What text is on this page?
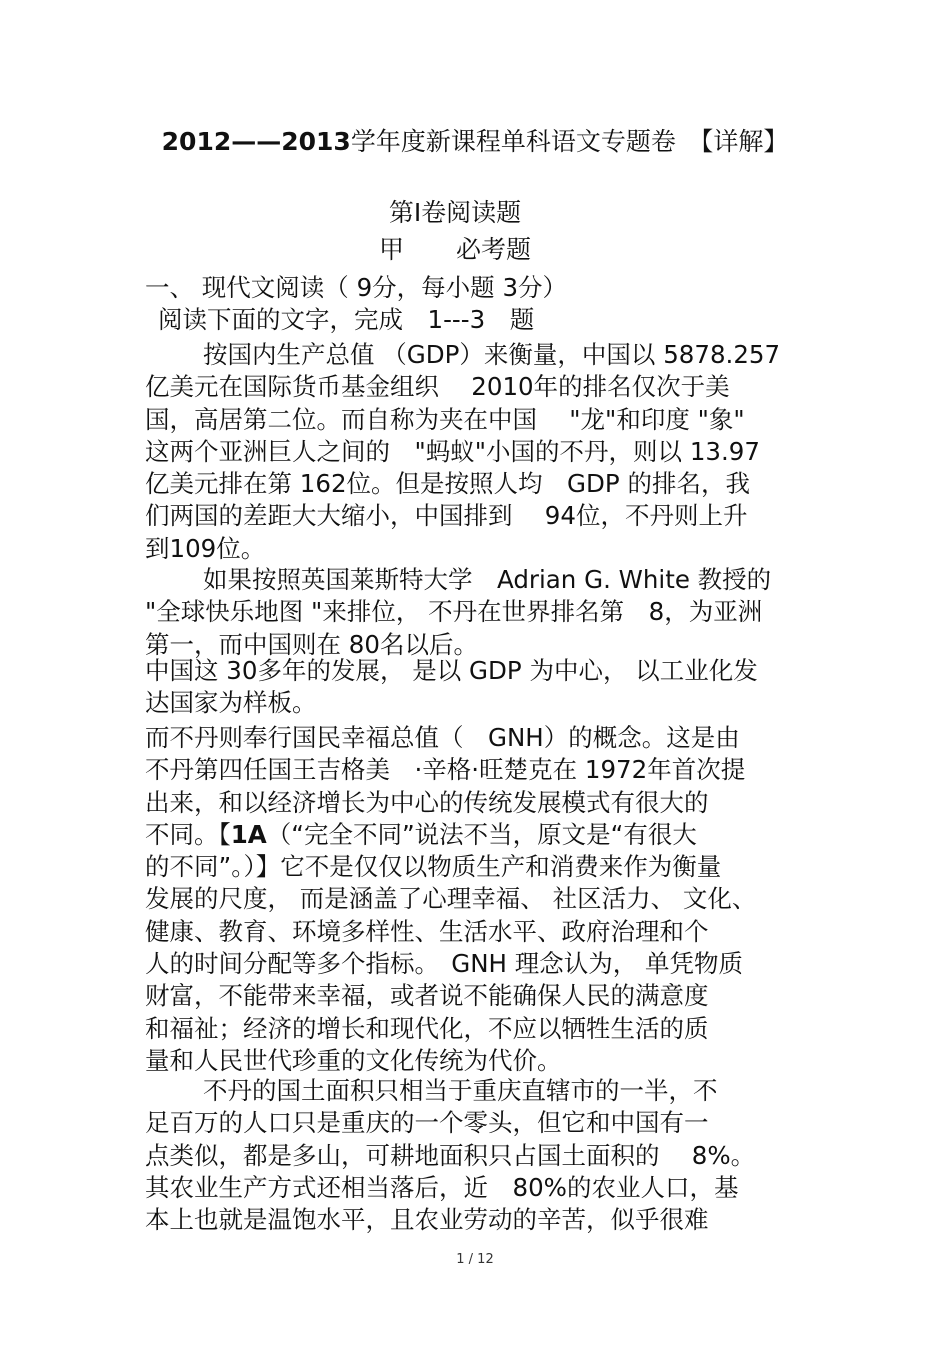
2012——2013学年度新课程单科语文专题卷　【详解】
第Ⅰ卷阅读题
甲 必考题
一、 现代文阅读（ 9分，每小题 3分）
阅读下面的文字，完成　1---3　题
按国内生产总值 （GDP）来衡量，中国以 5878.257
亿美元在国际货币基金组织　 2010年的排名仅次于美
国，高居第二位。而自称为夹在中国　 "龙"和印度 "象"
这两个亚洲巨人之间的　"蚂蚁"小国的不丹，则以 13.97
亿美元排在第 162位。但是按照人均　GDP 的排名，我
们两国的差距大大缩小，中国排到　 94位，不丹则上升
到109位。
如果按照英国莱斯特大学　Adrian G. White 教授的
"全球快乐地图 "来排位， 不丹在世界排名第　8，为亚洲
第一，而中国则在 80名以后。
中国这 30多年的发展， 是以 GDP 为中心， 以工业化发
达国家为样板。
而不丹则奉行国民幸福总值（　GNH）的概念。这是由
不丹第四任国王吉格美　·辛格·旺楚克在 1972年首次提
出来，和以经济增长为中心的传统发展模式有很大的
不同。【1A（“完全不同”说法不当，原文是“有很大
的不同”。）】它不是仅仅以物质生产和消费来作为衡量
发展的尺度， 而是涵盖了心理幸福、 社区活力、 文化、
健康、教育、环境多样性、生活水平、政府治理和个
人的时间分配等多个指标。　GNH 理念认为， 单凭物质
财富，不能带来幸福，或者说不能确保人民的满意度
和福祉；经济的增长和现代化，不应以牺牲生活的质
量和人民世代珍重的文化传统为代价。
不丹的国土面积只相当于重庆直辖市的一半，不
足百万的人口只是重庆的一个零头，但它和中国有一
点类似，都是多山，可耕地面积只占国土面积的　 8%。
其农业生产方式还相当落后，近　80%的农业人口，基
本上也就是温饱水平，且农业劳动的辛苦，似乎很难
1 / 12
